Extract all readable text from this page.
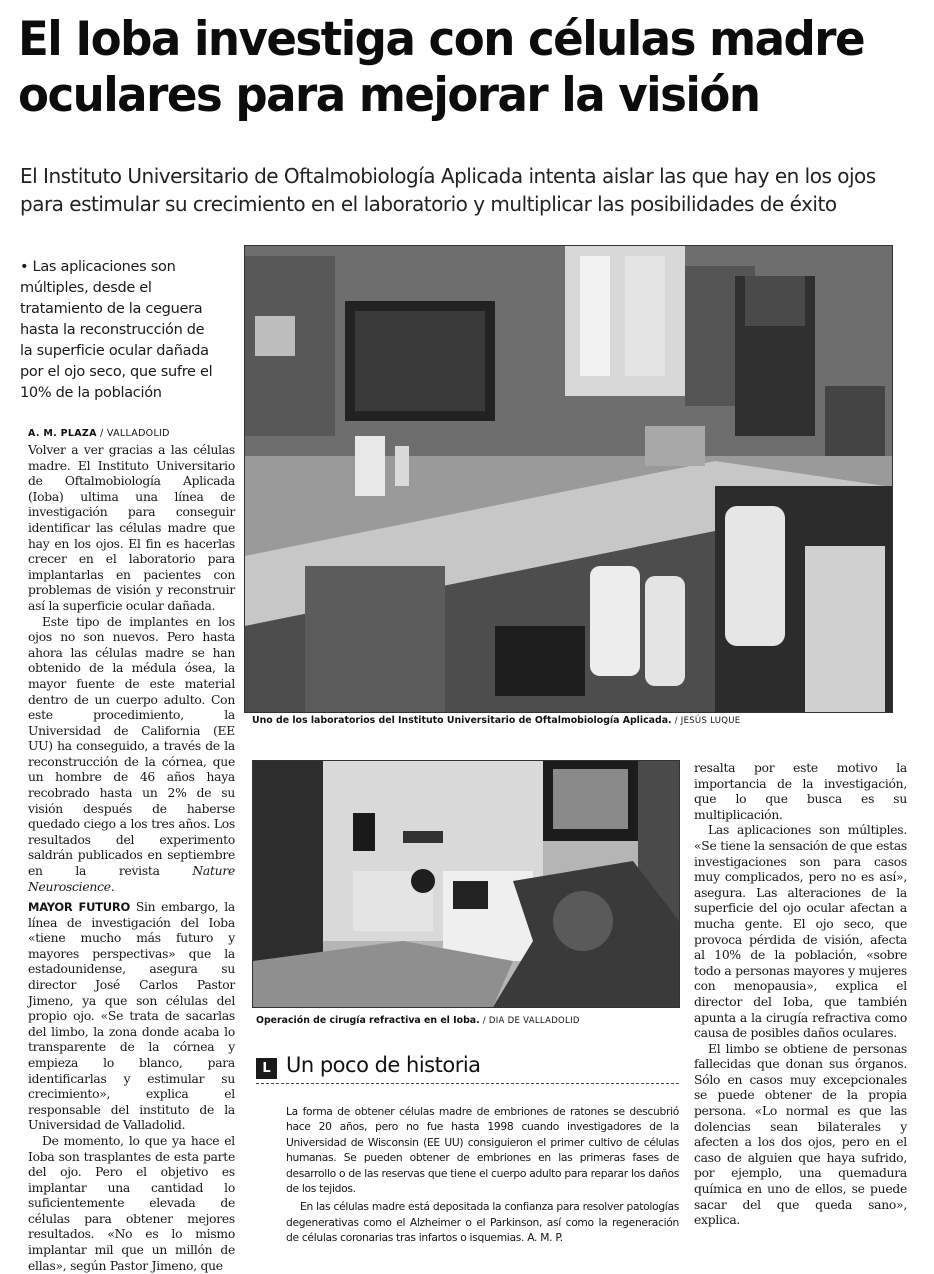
El Ioba investiga con células madre oculares para mejorar la visión

El Instituto Universitario de Oftalmobiología Aplicada intenta aislar las que hay en los ojos para estimular su crecimiento en el laboratorio y multiplicar las posibilidades de éxito

• Las aplicaciones son múltiples, desde el tratamiento de la ceguera hasta la reconstrucción de la superficie ocular dañada por el ojo seco, que sufre el 10% de la población

A. M. PLAZA / VALLADOLID

Volver a ver gracias a las células madre. El Instituto Universitario de Oftalmobiología Aplicada (Ioba) ultima una línea de investigación para conseguir identificar las células madre que hay en los ojos. El fin es hacerlas crecer en el laboratorio para implantarlas en pacientes con problemas de visión y reconstruir así la superficie ocular dañada.

Este tipo de implantes en los ojos no son nuevos. Pero hasta ahora las células madre se han obtenido de la médula ósea, la mayor fuente de este material dentro de un cuerpo adulto. Con este procedimiento, la Universidad de California (EE UU) ha conseguido, a través de la reconstrucción de la córnea, que un hombre de 46 años haya recobrado hasta un 2% de su visión después de haberse quedado ciego a los tres años. Los resultados del experimento saldrán publicados en septiembre en la revista	Nature Neuroscience.

MAYOR FUTURO Sin embargo, la línea de investigación del Ioba «tiene mucho más futuro y mayores perspectivas» que la estadounidense, asegura su director José Carlos Pastor Jimeno, ya que son células del propio ojo. «Se trata de sacarlas del limbo, la zona donde acaba lo transparente de la córnea y empieza lo blanco, para identificarlas y estimular su crecimiento», explica el responsable del instituto de la Universidad de Valladolid.

De momento, lo que ya hace el Ioba son trasplantes de esta parte del ojo. Pero el objetivo es implantar una cantidad lo suficientemente elevada de células para obtener mejores resultados. «No es lo mismo implantar mil que un millón de ellas», según Pastor Jimeno, que

Uno de los laboratorios del Instituto Universitario de Oftalmobiología Aplicada. / JESÚS LUQUE
Operación de cirugía refractiva en el Ioba. / DIA DE VALLADOLID

resalta por este motivo la importancia de la investigación, que lo que busca es su multiplicación.

Las aplicaciones son múltiples. «Se tiene la sensación de que estas investigaciones son para casos muy complicados, pero no es así», asegura. Las alteraciones de la superficie del ojo ocular afectan a mucha gente. El ojo seco, que provoca pérdida de visión, afecta al 10% de la población, «sobre todo a personas mayores y mujeres con menopausia», explica el director del Ioba, que también apunta a la cirugía refractiva como causa de posibles daños oculares.

El limbo se obtiene de personas fallecidas que donan sus órganos. Sólo en casos muy excepcionales se puede obtener de la propia persona. «Lo normal es que las dolencias sean bilaterales y afecten a los dos ojos, pero en el caso de alguien que haya sufrido, por ejemplo, una quemadura química en uno de ellos, se puede sacar del que queda sano», explica.

L Un poco de historia

La forma de obtener células madre de embriones de ratones se descubrió hace 20 años, pero no fue hasta 1998 cuando investigadores de la Universidad de Wisconsin (EE UU) consiguieron el primer cultivo de células humanas. Se pueden obtener de embriones en las primeras fases de desarrollo o de las reservas que tiene el cuerpo adulto para reparar los daños de los tejidos.

En las células madre está depositada la confianza para resolver patologías degenerativas como el Alzheimer o el Parkinson, así como la regeneración de células coronarias tras infartos o isquemias. A. M. P.
